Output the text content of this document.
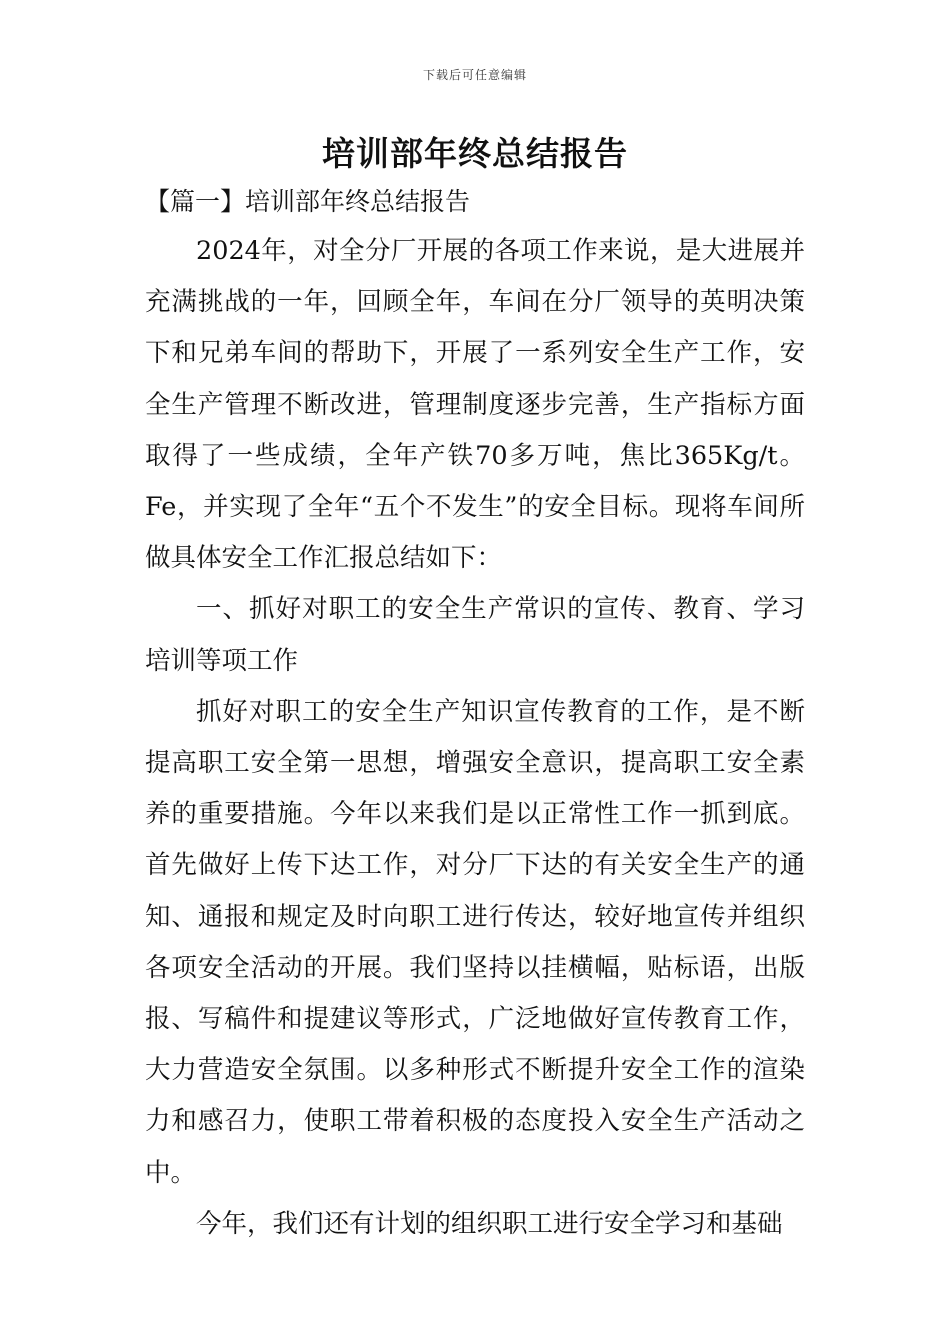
下载后可任意编辑
培训部年终总结报告
【篇一】培训部年终总结报告

2024年，对全分厂开展的各项工作来说，是大进展并充满挑战的一年，回顾全年，车间在分厂领导的英明决策下和兄弟车间的帮助下，开展了一系列安全生产工作，安全生产管理不断改进，管理制度逐步完善，生产指标方面取得了一些成绩，全年产铁70多万吨，焦比365Kg/t。Fe，并实现了全年“五个不发生”的安全目标。现将车间所做具体安全工作汇报总结如下：

一、抓好对职工的安全生产常识的宣传、教育、学习培训等项工作

抓好对职工的安全生产知识宣传教育的工作，是不断提高职工安全第一思想，增强安全意识，提高职工安全素养的重要措施。今年以来我们是以正常性工作一抓到底。首先做好上传下达工作，对分厂下达的有关安全生产的通知、通报和规定及时向职工进行传达，较好地宣传并组织各项安全活动的开展。我们坚持以挂横幅，贴标语，出版报、写稿件和提建议等形式，广泛地做好宣传教育工作，大力营造安全氛围。以多种形式不断提升安全工作的渲染力和感召力，使职工带着积极的态度投入安全生产活动之中。

今年，我们还有计划的组织职工进行安全学习和基础
